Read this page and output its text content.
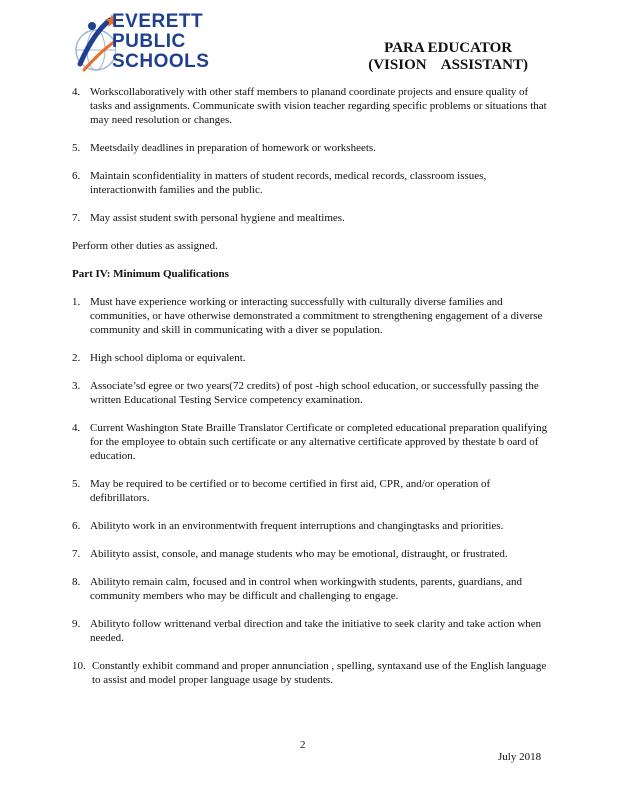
EVERETT
PUBLIC
SCHOOLS
PARA EDUCATOR
(VISION    ASSISTANT)
4. Workscollaboratively with other staff members to planand coordinate projects and ensure quality of tasks and assignments. Communicate swith vision teacher regarding specific problems or situations that may need resolution or changes.
5. Meetsdaily deadlines in preparation of homework or worksheets.
6. Maintain sconfidentiality in matters of student records, medical records, classroom issues, interactionwith families and the public.
7. May assist student swith personal hygiene and mealtimes.
Perform other duties as assigned.
Part IV: Minimum Qualifications
1. Must have experience working or interacting successfully with culturally diverse families and communities, or have otherwise demonstrated a commitment to strengthening engagement of a diverse community and skill in communicating with a diver se population.
2. High school diploma or equivalent.
3. Associate’sd egree or two years(72 credits) of post -high school education, or successfully passing the written Educational Testing Service competency examination.
4. Current Washington State Braille Translator Certificate or completed educational preparation qualifying for the employee to obtain such certificate or any alternative certificate approved by thestate b oard of education.
5. May be required to be certified or to become certified in first aid, CPR, and/or operation of defibrillators.
6. Abilityto work in an environmentwith frequent interruptions and changingtasks and priorities.
7. Abilityto assist, console, and manage students who may be emotional, distraught, or frustrated.
8. Abilityto remain calm, focused and in control when workingwith students, parents, guardians, and community members who may be difficult and challenging to engage.
9. Abilityto follow writtenand verbal direction and take the initiative to seek clarity and take action when needed.
10. Constantly exhibit command and proper annunciation , spelling, syntaxand use of the English language to assist and model proper language usage by students.
2
July 2018
